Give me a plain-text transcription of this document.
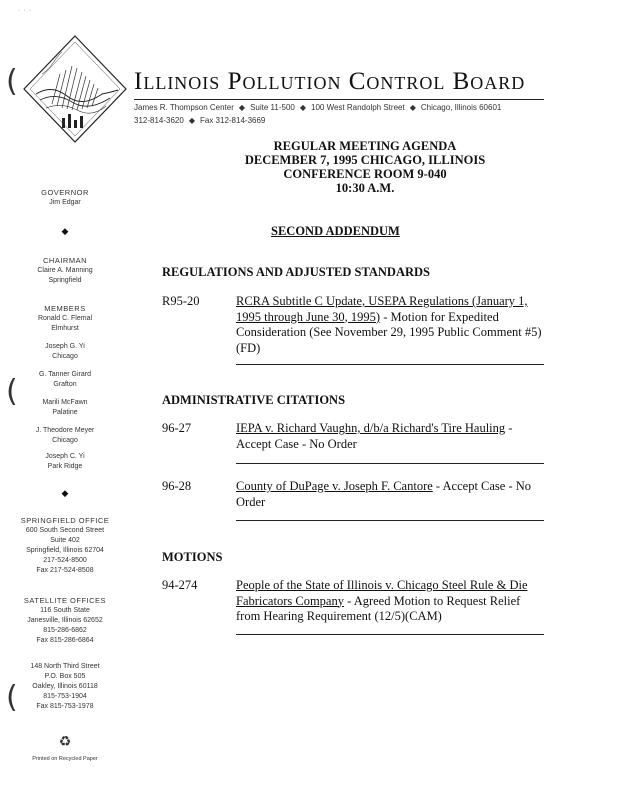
· · ·
(	Illinois Pollution Control Board
James R. Thompson Center ◆ Suite 11-500 ◆ 100 West Randolph Street ◆ Chicago, Illinois 60601
312-814-3620 ◆ Fax 312-814-3669
GOVERNOR
Jim Edgar
◆
CHAIRMAN
Claire A. Manning
Springfield
MEMBERS
Ronald C. Flemal
Elmhurst
Joseph G. Yi
Chicago
G. Tanner Girard
Grafton
(	Marili McFawn
Palatine
J. Theodore Meyer
Chicago
Joseph C. Yi
Park Ridge
◆
SPRINGFIELD OFFICE
600 South Second Street
Suite 402
Springfield, Illinois 62704
217-524-8500
Fax 217-524-8508
SATELLITE OFFICES
116 South State
Janesville, Illinois 62652
815-286-6862
Fax 815-286-6864
148 North Third Street
P.O. Box 505
Oakley, Illinois 60118
815-753-1904
Fax 815-753-1978
(
♻
Printed on Recycled Paper
REGULAR MEETING AGENDA
DECEMBER 7, 1995 CHICAGO, ILLINOIS
CONFERENCE ROOM 9-040
10:30 A.M.
SECOND ADDENDUM
REGULATIONS AND ADJUSTED STANDARDS
R95-20	RCRA Subtitle C Update, USEPA Regulations (January 1, 1995 through June 30, 1995) - Motion for Expedited Consideration (See November 29, 1995 Public Comment #5)(FD)
ADMINISTRATIVE CITATIONS
96-27	IEPA v. Richard Vaughn, d/b/a Richard's Tire Hauling - Accept Case - No Order
96-28	County of DuPage v. Joseph F. Cantore - Accept Case - No Order
MOTIONS
94-274	People of the State of Illinois v. Chicago Steel Rule & Die Fabricators Company - Agreed Motion to Request Relief from Hearing Requirement (12/5)(CAM)
